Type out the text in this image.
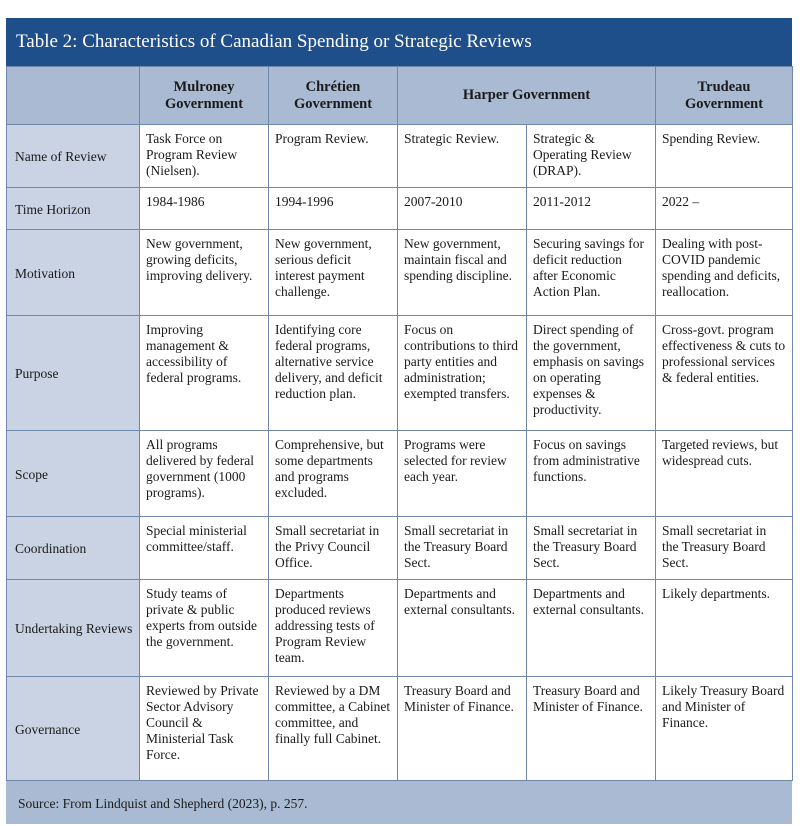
Table 2: Characteristics of Canadian Spending or Strategic Reviews
	Mulroney Government	Chrétien Government	Harper Government		Trudeau Government
Name of Review	Task Force on Program Review (Nielsen).	Program Review.	Strategic Review.	Strategic & Operating Review (DRAP).	Spending Review.
Time Horizon	1984-1986	1994-1996	2007-2010	2011-2012	2022 –
Motivation	New government, growing deficits, improving delivery.	New government, serious deficit interest payment challenge.	New government, maintain fiscal and spending discipline.	Securing savings for deficit reduction after Economic Action Plan.	Dealing with post-COVID pandemic spending and deficits, reallocation.
Purpose	Improving management & accessibility of federal programs.	Identifying core federal programs, alternative service delivery, and deficit reduction plan.	Focus on contributions to third party entities and administration; exempted transfers.	Direct spending of the government, emphasis on savings on operating expenses & productivity.	Cross-govt. program effectiveness & cuts to professional services & federal entities.
Scope	All programs delivered by federal government (1000 programs).	Comprehensive, but some departments and programs excluded.	Programs were selected for review each year.	Focus on savings from administrative functions.	Targeted reviews, but widespread cuts.
Coordination	Special ministerial committee/staff.	Small secretariat in the Privy Council Office.	Small secretariat in the Treasury Board Sect.	Small secretariat in the Treasury Board Sect.	Small secretariat in the Treasury Board Sect.
Undertaking Reviews	Study teams of private & public experts from outside the government.	Departments produced reviews addressing tests of Program Review team.	Departments and external consultants.	Departments and external consultants.	Likely departments.
Governance	Reviewed by Private Sector Advisory Council & Ministerial Task Force.	Reviewed by a DM committee, a Cabinet committee, and finally full Cabinet.	Treasury Board and Minister of Finance.	Treasury Board and Minister of Finance.	Likely Treasury Board and Minister of Finance.
Source: From Lindquist and Shepherd (2023), p. 257.
